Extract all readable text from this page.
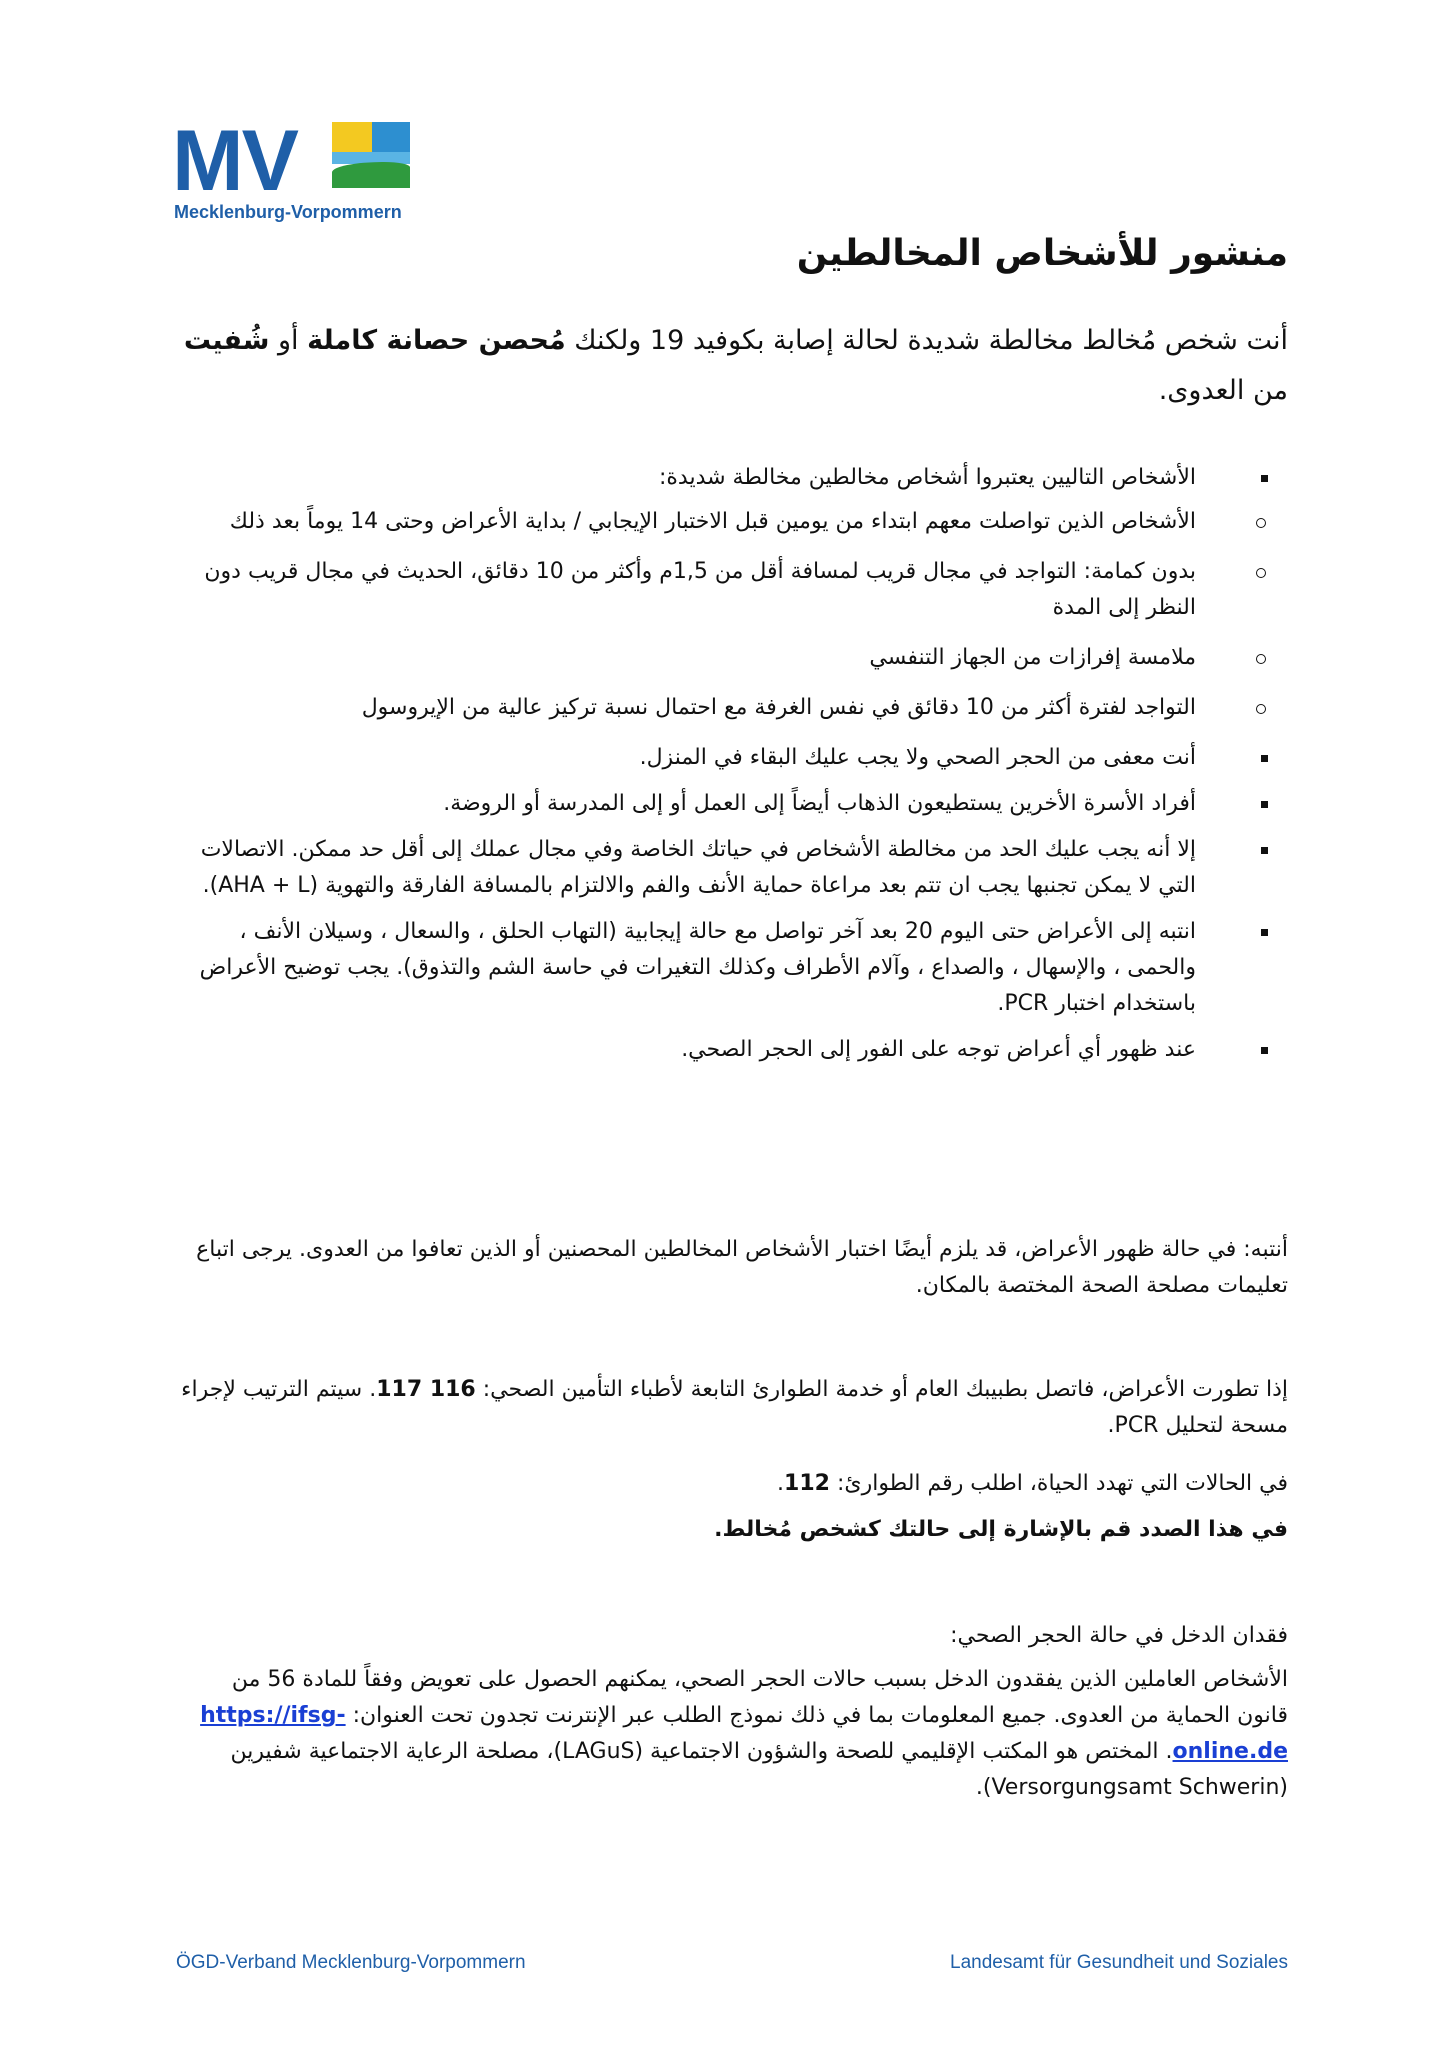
MV
Mecklenburg-Vorpommern
منشور للأشخاص المخالطين

أنت شخص مُخالط مخالطة شديدة لحالة إصابة بكوفيد 19 ولكنك مُحصن حصانة كاملة أو شُفيت من العدوى.

الأشخاص التاليين يعتبروا أشخاص مخالطين مخالطة شديدة:
الأشخاص الذين تواصلت معهم ابتداء من يومين قبل الاختبار الإيجابي / بداية الأعراض وحتى 14 يوماً بعد ذلك
بدون كمامة: التواجد في مجال قريب لمسافة أقل من 1,5م وأكثر من 10 دقائق، الحديث في مجال قريب دون النظر إلى المدة
ملامسة إفرازات من الجهاز التنفسي
التواجد لفترة أكثر من 10 دقائق في نفس الغرفة مع احتمال نسبة تركيز عالية من الإيروسول
أنت معفى من الحجر الصحي ولا يجب عليك البقاء في المنزل.
أفراد الأسرة الأخرين يستطيعون الذهاب أيضاً إلى العمل أو إلى المدرسة أو الروضة.
إلا أنه يجب عليك الحد من مخالطة الأشخاص في حياتك الخاصة وفي مجال عملك إلى أقل حد ممكن. الاتصالات التي لا يمكن تجنبها يجب ان تتم بعد مراعاة حماية الأنف والفم والالتزام بالمسافة الفارقة والتهوية (AHA + L).
انتبه إلى الأعراض حتى اليوم 20 بعد آخر تواصل مع حالة إيجابية (التهاب الحلق ، والسعال ، وسيلان الأنف ، والحمى ، والإسهال ، والصداع ، وآلام الأطراف وكذلك التغيرات في حاسة الشم والتذوق). يجب توضيح الأعراض باستخدام اختبار PCR.
عند ظهور أي أعراض توجه على الفور إلى الحجر الصحي.

أنتبه: في حالة ظهور الأعراض، قد يلزم أيضًا اختبار الأشخاص المخالطين المحصنين أو الذين تعافوا من العدوى. يرجى اتباع تعليمات مصلحة الصحة المختصة بالمكان.

إذا تطورت الأعراض، فاتصل بطبيبك العام أو خدمة الطوارئ التابعة لأطباء التأمين الصحي: 116 117. سيتم الترتيب لإجراء مسحة لتحليل PCR.

في الحالات التي تهدد الحياة، اطلب رقم الطوارئ: 112.

في هذا الصدد قم بالإشارة إلى حالتك كشخص مُخالط.

فقدان الدخل في حالة الحجر الصحي:

الأشخاص العاملين الذين يفقدون الدخل بسبب حالات الحجر الصحي، يمكنهم الحصول على تعويض وفقاً للمادة 56 من قانون الحماية من العدوى. جميع المعلومات بما في ذلك نموذج الطلب عبر الإنترنت تجدون تحت العنوان: https://ifsg-online.de. المختص هو المكتب الإقليمي للصحة والشؤون الاجتماعية (LAGuS)، مصلحة الرعاية الاجتماعية شفيرين (Versorgungsamt Schwerin).

ÖGD-Verband Mecklenburg-Vorpommern	Landesamt für Gesundheit und Soziales
